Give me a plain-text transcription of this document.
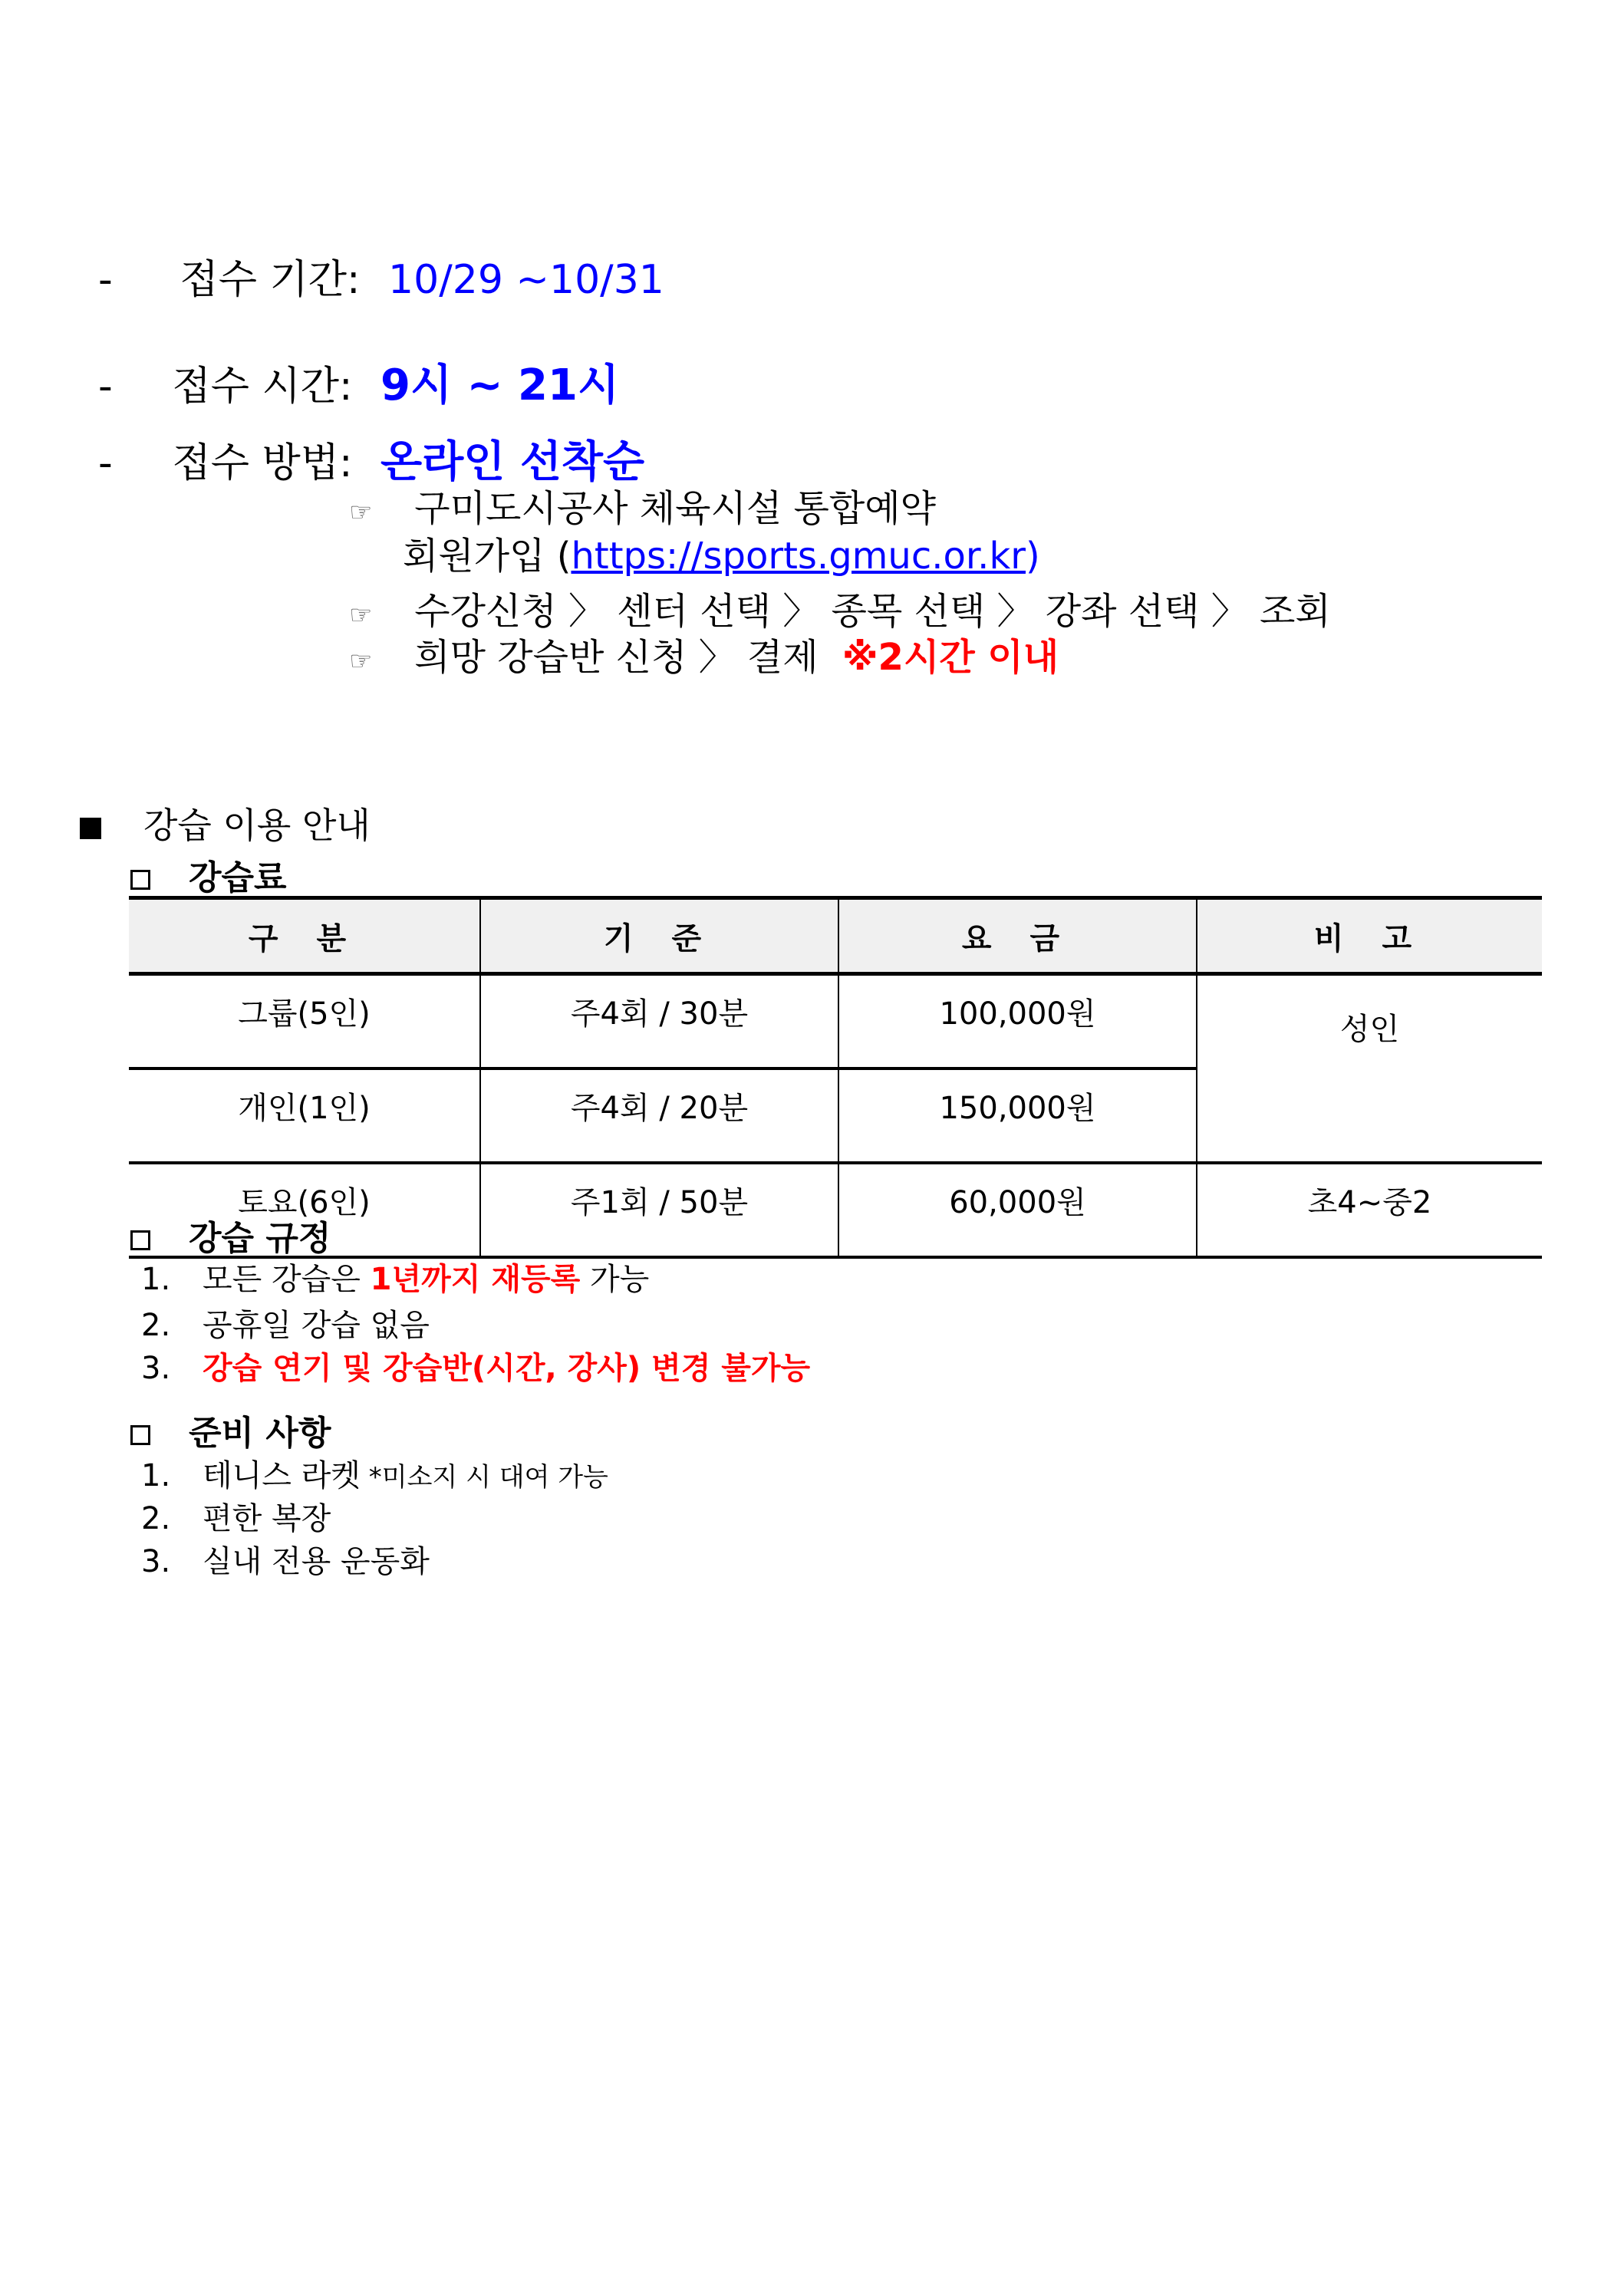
- 접수 기간: 10/29 ~10/31
- 접수 시간: 9시 ~ 21시
- 접수 방법: 온라인 선착순
☞ 구미도시공사 체육시설 통합예약
회원가입 (https://sports.gmuc.or.kr)
☞ 수강신청 〉 센터 선택 〉 종목 선택 〉 강좌 선택 〉 조회
☞ 희망 강습반 신청 〉 결제 ※2시간 이내
강습 이용 안내
강습료
구 분	기 준	요 금	비 고
그룹(5인)	주4회 / 30분	100,000원	성인
개인(1인)	주4회 / 20분	150,000원	
토요(6인)	주1회 / 50분	60,000원	초4~중2
강습 규정
1. 모든 강습은 1년까지 재등록 가능
2. 공휴일 강습 없음
3. 강습 연기 및 강습반(시간, 강사) 변경 불가능
준비 사항
1. 테니스 라켓 *미소지 시 대여 가능
2. 편한 복장
3. 실내 전용 운동화
